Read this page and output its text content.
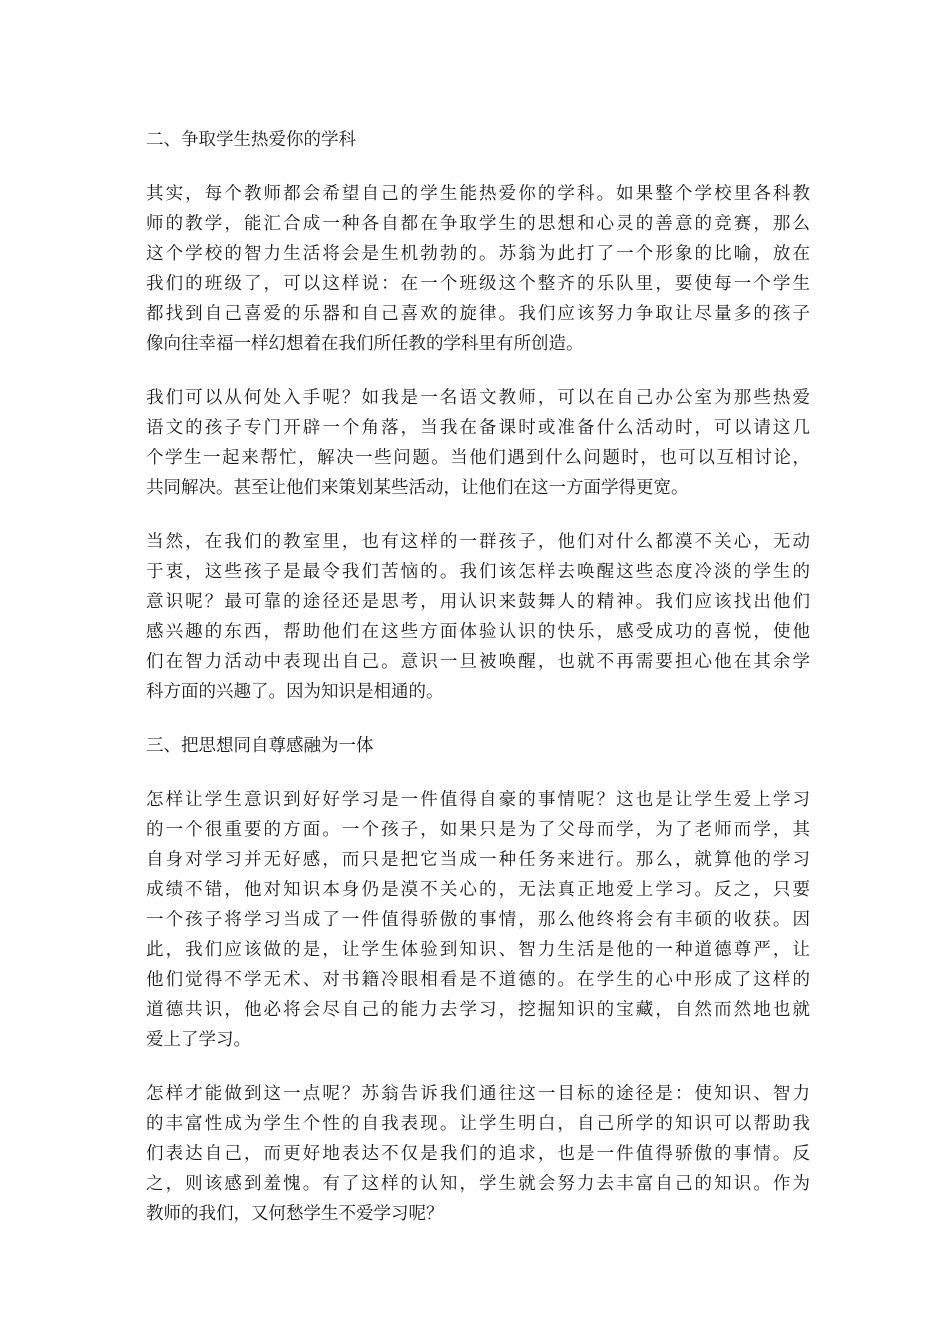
二、争取学生热爱你的学科
其实，每个教师都会希望自己的学生能热爱你的学科。如果整个学校里各科教
师的教学，能汇合成一种各自都在争取学生的思想和心灵的善意的竞赛，那么
这个学校的智力生活将会是生机勃勃的。苏翁为此打了一个形象的比喻，放在
我们的班级了，可以这样说：在一个班级这个整齐的乐队里，要使每一个学生
都找到自己喜爱的乐器和自己喜欢的旋律。我们应该努力争取让尽量多的孩子
像向往幸福一样幻想着在我们所任教的学科里有所创造。
我们可以从何处入手呢？如我是一名语文教师，可以在自己办公室为那些热爱
语文的孩子专门开辟一个角落，当我在备课时或准备什么活动时，可以请这几
个学生一起来帮忙，解决一些问题。当他们遇到什么问题时，也可以互相讨论，
共同解决。甚至让他们来策划某些活动，让他们在这一方面学得更宽。
当然，在我们的教室里，也有这样的一群孩子，他们对什么都漠不关心，无动
于衷，这些孩子是最令我们苦恼的。我们该怎样去唤醒这些态度冷淡的学生的
意识呢？最可靠的途径还是思考，用认识来鼓舞人的精神。我们应该找出他们
感兴趣的东西，帮助他们在这些方面体验认识的快乐，感受成功的喜悦，使他
们在智力活动中表现出自己。意识一旦被唤醒，也就不再需要担心他在其余学
科方面的兴趣了。因为知识是相通的。
三、把思想同自尊感融为一体
怎样让学生意识到好好学习是一件值得自豪的事情呢？这也是让学生爱上学习
的一个很重要的方面。一个孩子，如果只是为了父母而学，为了老师而学，其
自身对学习并无好感，而只是把它当成一种任务来进行。那么，就算他的学习
成绩不错，他对知识本身仍是漠不关心的，无法真正地爱上学习。反之，只要
一个孩子将学习当成了一件值得骄傲的事情，那么他终将会有丰硕的收获。因
此，我们应该做的是，让学生体验到知识、智力生活是他的一种道德尊严，让
他们觉得不学无术、对书籍冷眼相看是不道德的。在学生的心中形成了这样的
道德共识，他必将会尽自己的能力去学习，挖掘知识的宝藏，自然而然地也就
爱上了学习。
怎样才能做到这一点呢？苏翁告诉我们通往这一目标的途径是：使知识、智力
的丰富性成为学生个性的自我表现。让学生明白，自己所学的知识可以帮助我
们表达自己，而更好地表达不仅是我们的追求，也是一件值得骄傲的事情。反
之，则该感到羞愧。有了这样的认知，学生就会努力去丰富自己的知识。作为
教师的我们，又何愁学生不爱学习呢？
